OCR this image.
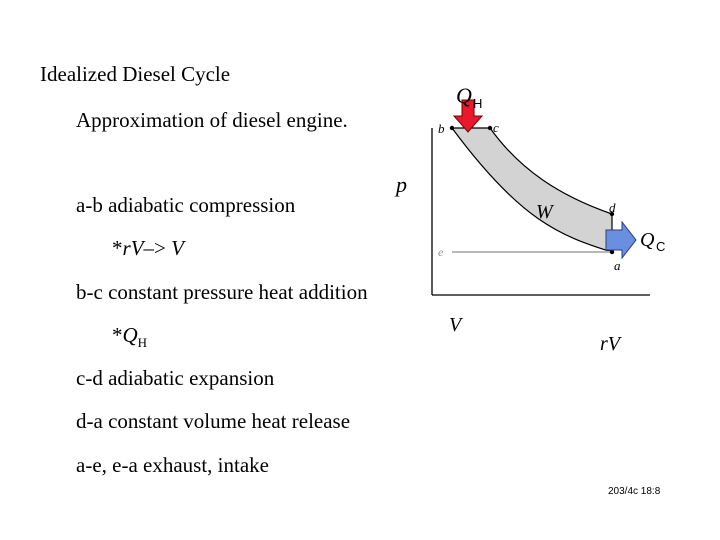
Idealized Diesel Cycle
Approximation of diesel engine.
a-b adiabatic compression
*rV–> V
b-c constant pressure heat addition
$*Q_H$
c-d adiabatic expansion
d-a constant volume heat release
a-e, e-a exhaust, intake
203/4c 18:8
Q H
b	c
p
W	d
e
a
Q C
V
rV
